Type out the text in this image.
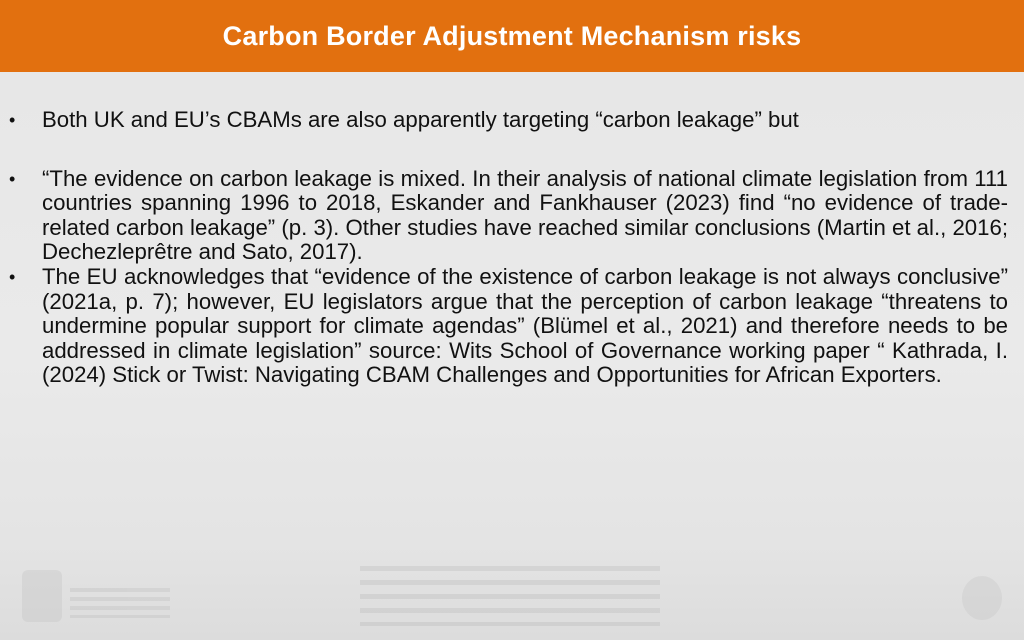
Carbon Border Adjustment Mechanism risks
• Both UK and EU’s CBAMs are also apparently targeting “carbon leakage” but
• “The evidence on carbon leakage is mixed. In their analysis of national climate legislation from 111 countries spanning 1996 to 2018, Eskander and Fankhauser (2023) find “no evidence of trade-related carbon leakage” (p. 3). Other studies have reached similar conclusions (Martin et al., 2016; Dechezleprêtre and Sato, 2017).
• The EU acknowledges that “evidence of the existence of carbon leakage is not always conclusive” (2021a, p. 7); however, EU legislators argue that the perception of carbon leakage “threatens to undermine popular support for climate agendas” (Blümel et al., 2021) and therefore needs to be addressed in climate legislation” source: Wits School of Governance working paper “ Kathrada, I. (2024) Stick or Twist: Navigating CBAM Challenges and Opportunities for African Exporters.
